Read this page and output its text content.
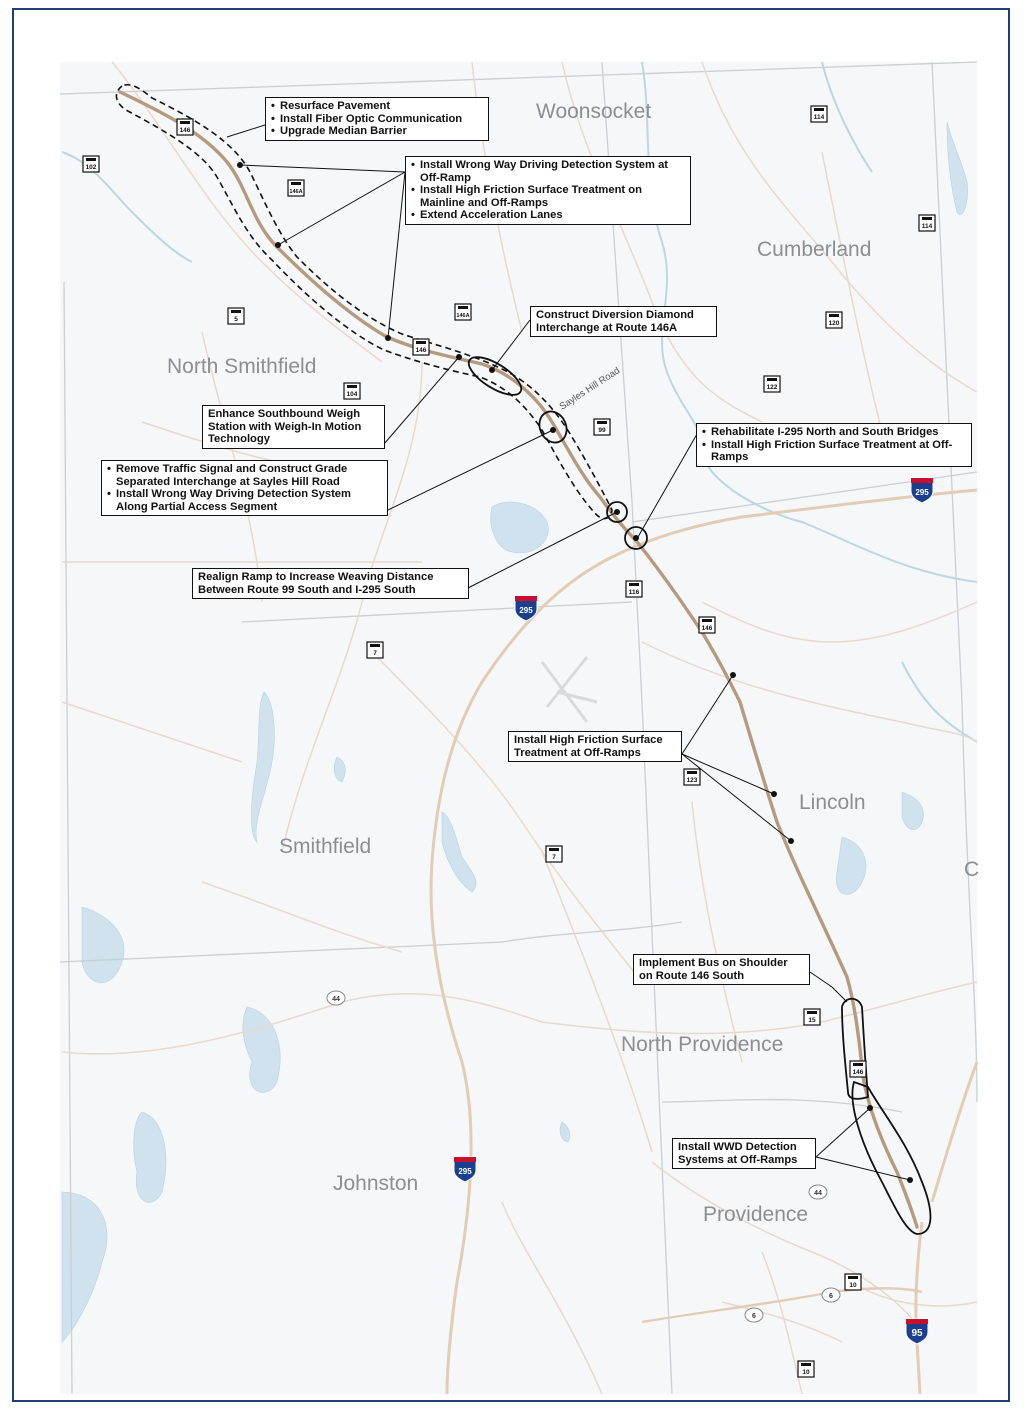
Woonsocket
Cumberland
North Smithfield
Lincoln
Smithfield
North Providence
Johnston
Providence
C
Sayles Hill Road
146
102
146A
5
104
146A
146
99
114
114
120
122
116
146
7
123
7
15
146
10
10
44
44
6
6
295
295
295
95
• Resurface Pavement
• Install Fiber Optic Communication
• Upgrade Median Barrier
• Install Wrong Way Driving Detection System at Off-Ramp
• Install High Friction Surface Treatment on Mainline and Off-Ramps
• Extend Acceleration Lanes
Construct Diversion Diamond Interchange at Route 146A
Enhance Southbound Weigh Station with Weigh-In Motion Technology
• Rehabilitate I-295 North and South Bridges
• Install High Friction Surface Treatment at Off-Ramps
• Remove Traffic Signal and Construct Grade Separated Interchange at Sayles Hill Road
• Install Wrong Way Driving Detection System Along Partial Access Segment
Realign Ramp to Increase Weaving Distance Between Route 99 South and I-295 South
Install High Friction Surface Treatment at Off-Ramps
Implement Bus on Shoulder on Route 146 South
Install WWD Detection Systems at Off-Ramps
